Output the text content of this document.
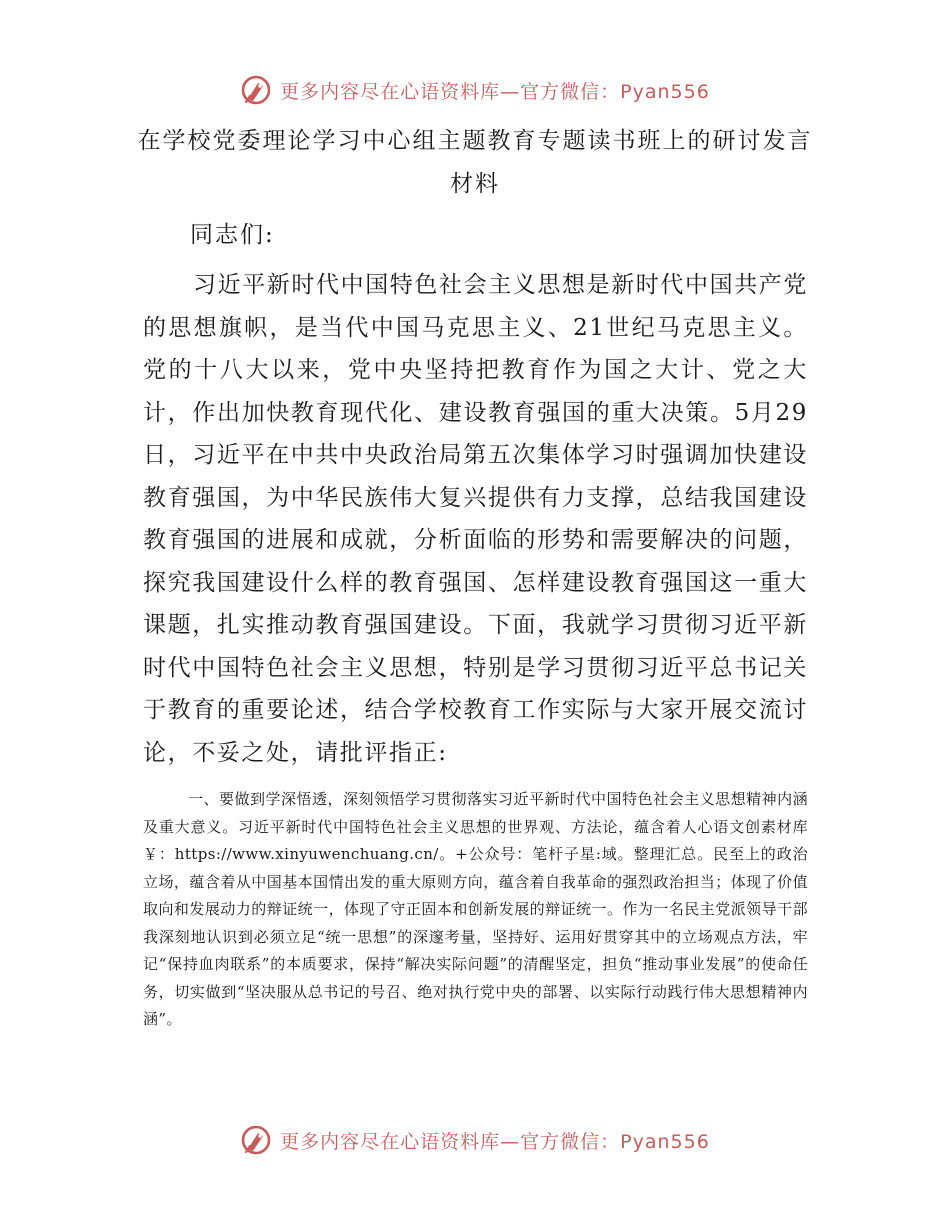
更多内容尽在心语资料库—官方微信：Pyan556
在学校党委理论学习中心组主题教育专题读书班上的研讨发言材料

同志们:

习近平新时代中国特色社会主义思想是新时代中国共产党的思想旗帜，是当代中国马克思主义、21世纪马克思主义。党的十八大以来，党中央坚持把教育作为国之大计、党之大计，作出加快教育现代化、建设教育强国的重大决策。5月29日，习近平在中共中央政治局第五次集体学习时强调加快建设教育强国，为中华民族伟大复兴提供有力支撑，总结我国建设教育强国的进展和成就，分析面临的形势和需要解决的问题，探究我国建设什么样的教育强国、怎样建设教育强国这一重大课题，扎实推动教育强国建设。下面，我就学习贯彻习近平新时代中国特色社会主义思想，特别是学习贯彻习近平总书记关于教育的重要论述，结合学校教育工作实际与大家开展交流讨论，不妥之处，请批评指正:

一、要做到学深悟透，深刻领悟学习贯彻落实习近平新时代中国特色社会主义思想精神内涵及重大意义。习近平新时代中国特色社会主义思想的世界观、方法论，蕴含着人心语文创素材库￥：https://www.xinyuwenchuang.cn/。+公众号：笔杆子星:域。整理汇总。民至上的政治立场，蕴含着从中国基本国情出发的重大原则方向，蕴含着自我革命的强烈政治担当；体现了价值取向和发展动力的辩证统一，体现了守正固本和创新发展的辩证统一。作为一名民主党派领导干部我深刻地认识到必须立足“统一思想”的深邃考量，坚持好、运用好贯穿其中的立场观点方法，牢记“保持血肉联系”的本质要求，保持“解决实际问题”的清醒坚定，担负“推动事业发展”的使命任务，切实做到“坚决服从总书记的号召、绝对执行党中央的部署、以实际行动践行伟大思想精神内涵”。

更多内容尽在心语资料库—官方微信：Pyan556
